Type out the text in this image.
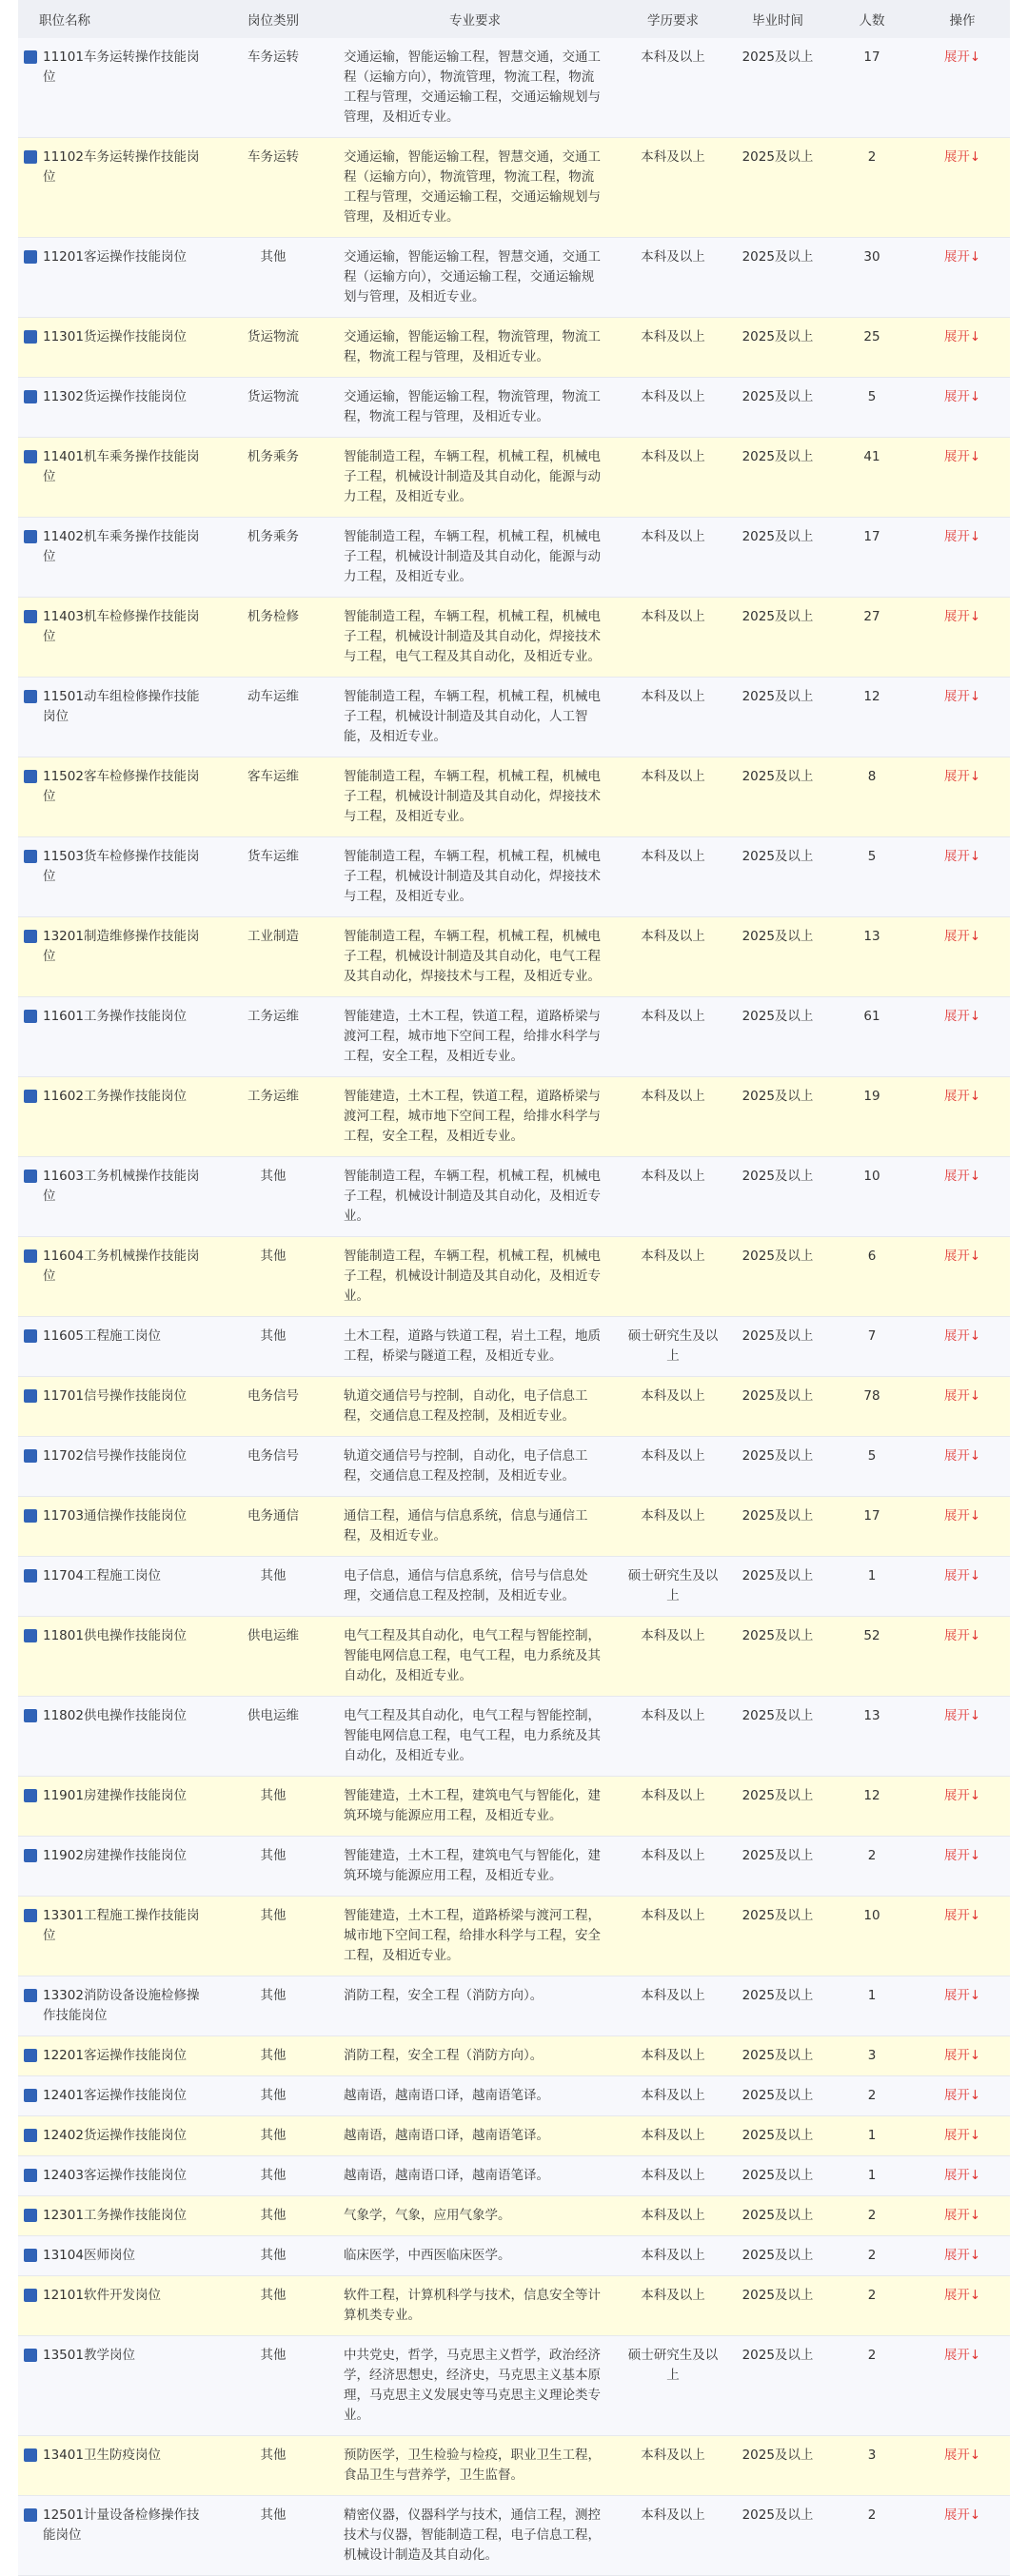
职位名称	岗位类别	专业要求	学历要求	毕业时间	人数	操作

11101车务运转操作技能岗位	车务运转	交通运输，智能运输工程，智慧交通，交通工程（运输方向），物流管理，物流工程，物流工程与管理，交通运输工程，交通运输规划与管理，及相近专业。	本科及以上	2025及以上	17	展开↓

11102车务运转操作技能岗位	车务运转	交通运输，智能运输工程，智慧交通，交通工程（运输方向），物流管理，物流工程，物流工程与管理，交通运输工程，交通运输规划与管理，及相近专业。	本科及以上	2025及以上	2	展开↓

11201客运操作技能岗位	其他	交通运输，智能运输工程，智慧交通，交通工程（运输方向），交通运输工程，交通运输规划与管理，及相近专业。	本科及以上	2025及以上	30	展开↓

11301货运操作技能岗位	货运物流	交通运输，智能运输工程，物流管理，物流工程，物流工程与管理，及相近专业。	本科及以上	2025及以上	25	展开↓

11302货运操作技能岗位	货运物流	交通运输，智能运输工程，物流管理，物流工程，物流工程与管理，及相近专业。	本科及以上	2025及以上	5	展开↓

11401机车乘务操作技能岗位	机务乘务	智能制造工程，车辆工程，机械工程，机械电子工程，机械设计制造及其自动化，能源与动力工程，及相近专业。	本科及以上	2025及以上	41	展开↓

11402机车乘务操作技能岗位	机务乘务	智能制造工程，车辆工程，机械工程，机械电子工程，机械设计制造及其自动化，能源与动力工程，及相近专业。	本科及以上	2025及以上	17	展开↓

11403机车检修操作技能岗位	机务检修	智能制造工程，车辆工程，机械工程，机械电子工程，机械设计制造及其自动化，焊接技术与工程，电气工程及其自动化，及相近专业。	本科及以上	2025及以上	27	展开↓

11501动车组检修操作技能岗位	动车运维	智能制造工程，车辆工程，机械工程，机械电子工程，机械设计制造及其自动化，人工智能，及相近专业。	本科及以上	2025及以上	12	展开↓

11502客车检修操作技能岗位	客车运维	智能制造工程，车辆工程，机械工程，机械电子工程，机械设计制造及其自动化，焊接技术与工程，及相近专业。	本科及以上	2025及以上	8	展开↓

11503货车检修操作技能岗位	货车运维	智能制造工程，车辆工程，机械工程，机械电子工程，机械设计制造及其自动化，焊接技术与工程，及相近专业。	本科及以上	2025及以上	5	展开↓

13201制造维修操作技能岗位	工业制造	智能制造工程，车辆工程，机械工程，机械电子工程，机械设计制造及其自动化，电气工程及其自动化，焊接技术与工程，及相近专业。	本科及以上	2025及以上	13	展开↓

11601工务操作技能岗位	工务运维	智能建造，土木工程，铁道工程，道路桥梁与渡河工程，城市地下空间工程，给排水科学与工程，安全工程，及相近专业。	本科及以上	2025及以上	61	展开↓

11602工务操作技能岗位	工务运维	智能建造，土木工程，铁道工程，道路桥梁与渡河工程，城市地下空间工程，给排水科学与工程，安全工程，及相近专业。	本科及以上	2025及以上	19	展开↓

11603工务机械操作技能岗位	其他	智能制造工程，车辆工程，机械工程，机械电子工程，机械设计制造及其自动化，及相近专业。	本科及以上	2025及以上	10	展开↓

11604工务机械操作技能岗位	其他	智能制造工程，车辆工程，机械工程，机械电子工程，机械设计制造及其自动化，及相近专业。	本科及以上	2025及以上	6	展开↓

11605工程施工岗位	其他	土木工程，道路与铁道工程，岩土工程，地质工程，桥梁与隧道工程，及相近专业。	硕士研究生及以上	2025及以上	7	展开↓

11701信号操作技能岗位	电务信号	轨道交通信号与控制，自动化，电子信息工程，交通信息工程及控制，及相近专业。	本科及以上	2025及以上	78	展开↓

11702信号操作技能岗位	电务信号	轨道交通信号与控制，自动化，电子信息工程，交通信息工程及控制，及相近专业。	本科及以上	2025及以上	5	展开↓

11703通信操作技能岗位	电务通信	通信工程，通信与信息系统，信息与通信工程，及相近专业。	本科及以上	2025及以上	17	展开↓

11704工程施工岗位	其他	电子信息，通信与信息系统，信号与信息处理，交通信息工程及控制，及相近专业。	硕士研究生及以上	2025及以上	1	展开↓

11801供电操作技能岗位	供电运维	电气工程及其自动化，电气工程与智能控制，智能电网信息工程，电气工程，电力系统及其自动化，及相近专业。	本科及以上	2025及以上	52	展开↓

11802供电操作技能岗位	供电运维	电气工程及其自动化，电气工程与智能控制，智能电网信息工程，电气工程，电力系统及其自动化，及相近专业。	本科及以上	2025及以上	13	展开↓

11901房建操作技能岗位	其他	智能建造，土木工程，建筑电气与智能化，建筑环境与能源应用工程，及相近专业。	本科及以上	2025及以上	12	展开↓

11902房建操作技能岗位	其他	智能建造，土木工程，建筑电气与智能化，建筑环境与能源应用工程，及相近专业。	本科及以上	2025及以上	2	展开↓

13301工程施工操作技能岗位	其他	智能建造，土木工程，道路桥梁与渡河工程，城市地下空间工程，给排水科学与工程，安全工程，及相近专业。	本科及以上	2025及以上	10	展开↓

13302消防设备设施检修操作技能岗位	其他	消防工程，安全工程（消防方向）。	本科及以上	2025及以上	1	展开↓

12201客运操作技能岗位	其他	消防工程，安全工程（消防方向）。	本科及以上	2025及以上	3	展开↓

12401客运操作技能岗位	其他	越南语，越南语口译，越南语笔译。	本科及以上	2025及以上	2	展开↓

12402货运操作技能岗位	其他	越南语，越南语口译，越南语笔译。	本科及以上	2025及以上	1	展开↓

12403客运操作技能岗位	其他	越南语，越南语口译，越南语笔译。	本科及以上	2025及以上	1	展开↓

12301工务操作技能岗位	其他	气象学，气象，应用气象学。	本科及以上	2025及以上	2	展开↓

13104医师岗位	其他	临床医学，中西医临床医学。	本科及以上	2025及以上	2	展开↓

12101软件开发岗位	其他	软件工程，计算机科学与技术，信息安全等计算机类专业。	本科及以上	2025及以上	2	展开↓

13501教学岗位	其他	中共党史，哲学，马克思主义哲学，政治经济学，经济思想史，经济史，马克思主义基本原理，马克思主义发展史等马克思主义理论类专业。	硕士研究生及以上	2025及以上	2	展开↓

13401卫生防疫岗位	其他	预防医学，卫生检验与检疫，职业卫生工程，食品卫生与营养学，卫生监督。	本科及以上	2025及以上	3	展开↓

12501计量设备检修操作技能岗位	其他	精密仪器，仪器科学与技术，通信工程，测控技术与仪器，智能制造工程，电子信息工程，机械设计制造及其自动化。	本科及以上	2025及以上	2	展开↓
